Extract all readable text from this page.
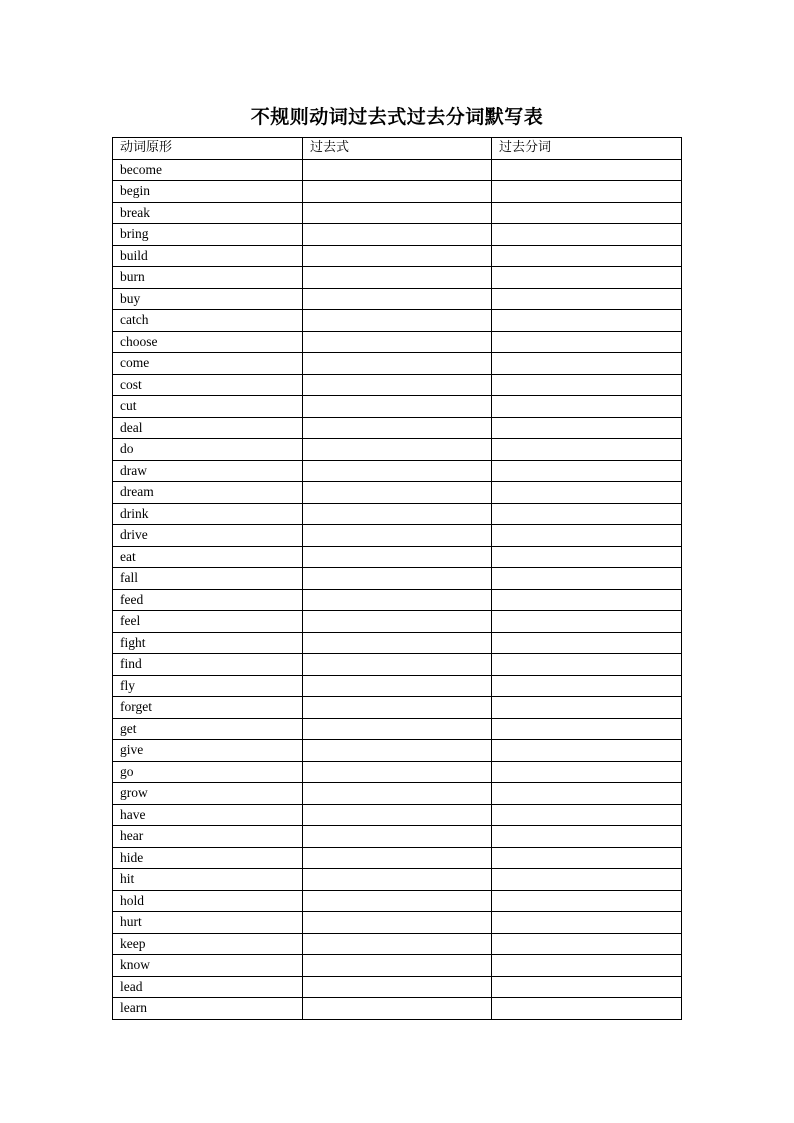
不规则动词过去式过去分词默写表
动词原形	过去式	过去分词
become		
begin		
break		
bring		
build		
burn		
buy		
catch		
choose		
come		
cost		
cut		
deal		
do		
draw		
dream		
drink		
drive		
eat		
fall		
feed		
feel		
fight		
find		
fly		
forget		
get		
give		
go		
grow		
have		
hear		
hide		
hit		
hold		
hurt		
keep		
know		
lead		
learn		
